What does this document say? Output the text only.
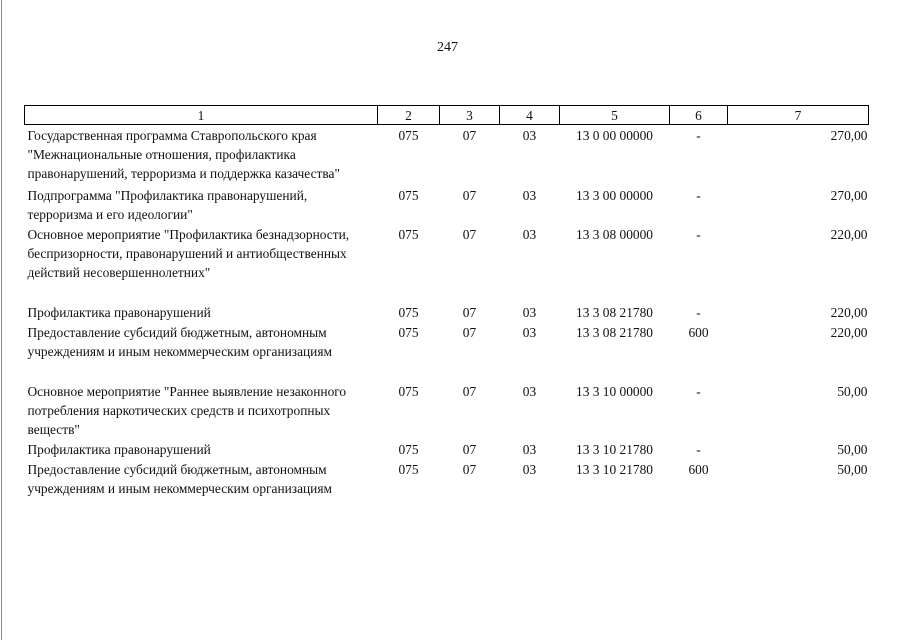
247
1	2	3	4	5	6	7
Государственная программа Ставропольского края "Межнациональные отношения, профилактика правонарушений, терроризма и поддержка казачества"	075	07	03	13 0 00 00000	-	270,00
Подпрограмма "Профилактика правонарушений, терроризма и его идеологии"	075	07	03	13 3 00 00000	-	270,00
Основное мероприятие "Профилактика безнадзорности, беспризорности, правонарушений и антиобщественных действий несовершеннолетних"	075	07	03	13 3 08 00000	-	220,00
Профилактика правонарушений	075	07	03	13 3 08 21780	-	220,00
Предоставление субсидий бюджетным, автономным учреждениям и иным некоммерческим организациям	075	07	03	13 3 08 21780	600	220,00
Основное мероприятие "Раннее выявление незаконного потребления наркотических средств и психотропных веществ"	075	07	03	13 3 10 00000	-	50,00
Профилактика правонарушений	075	07	03	13 3 10 21780	-	50,00
Предоставление субсидий бюджетным, автономным учреждениям и иным некоммерческим организациям	075	07	03	13 3 10 21780	600	50,00
